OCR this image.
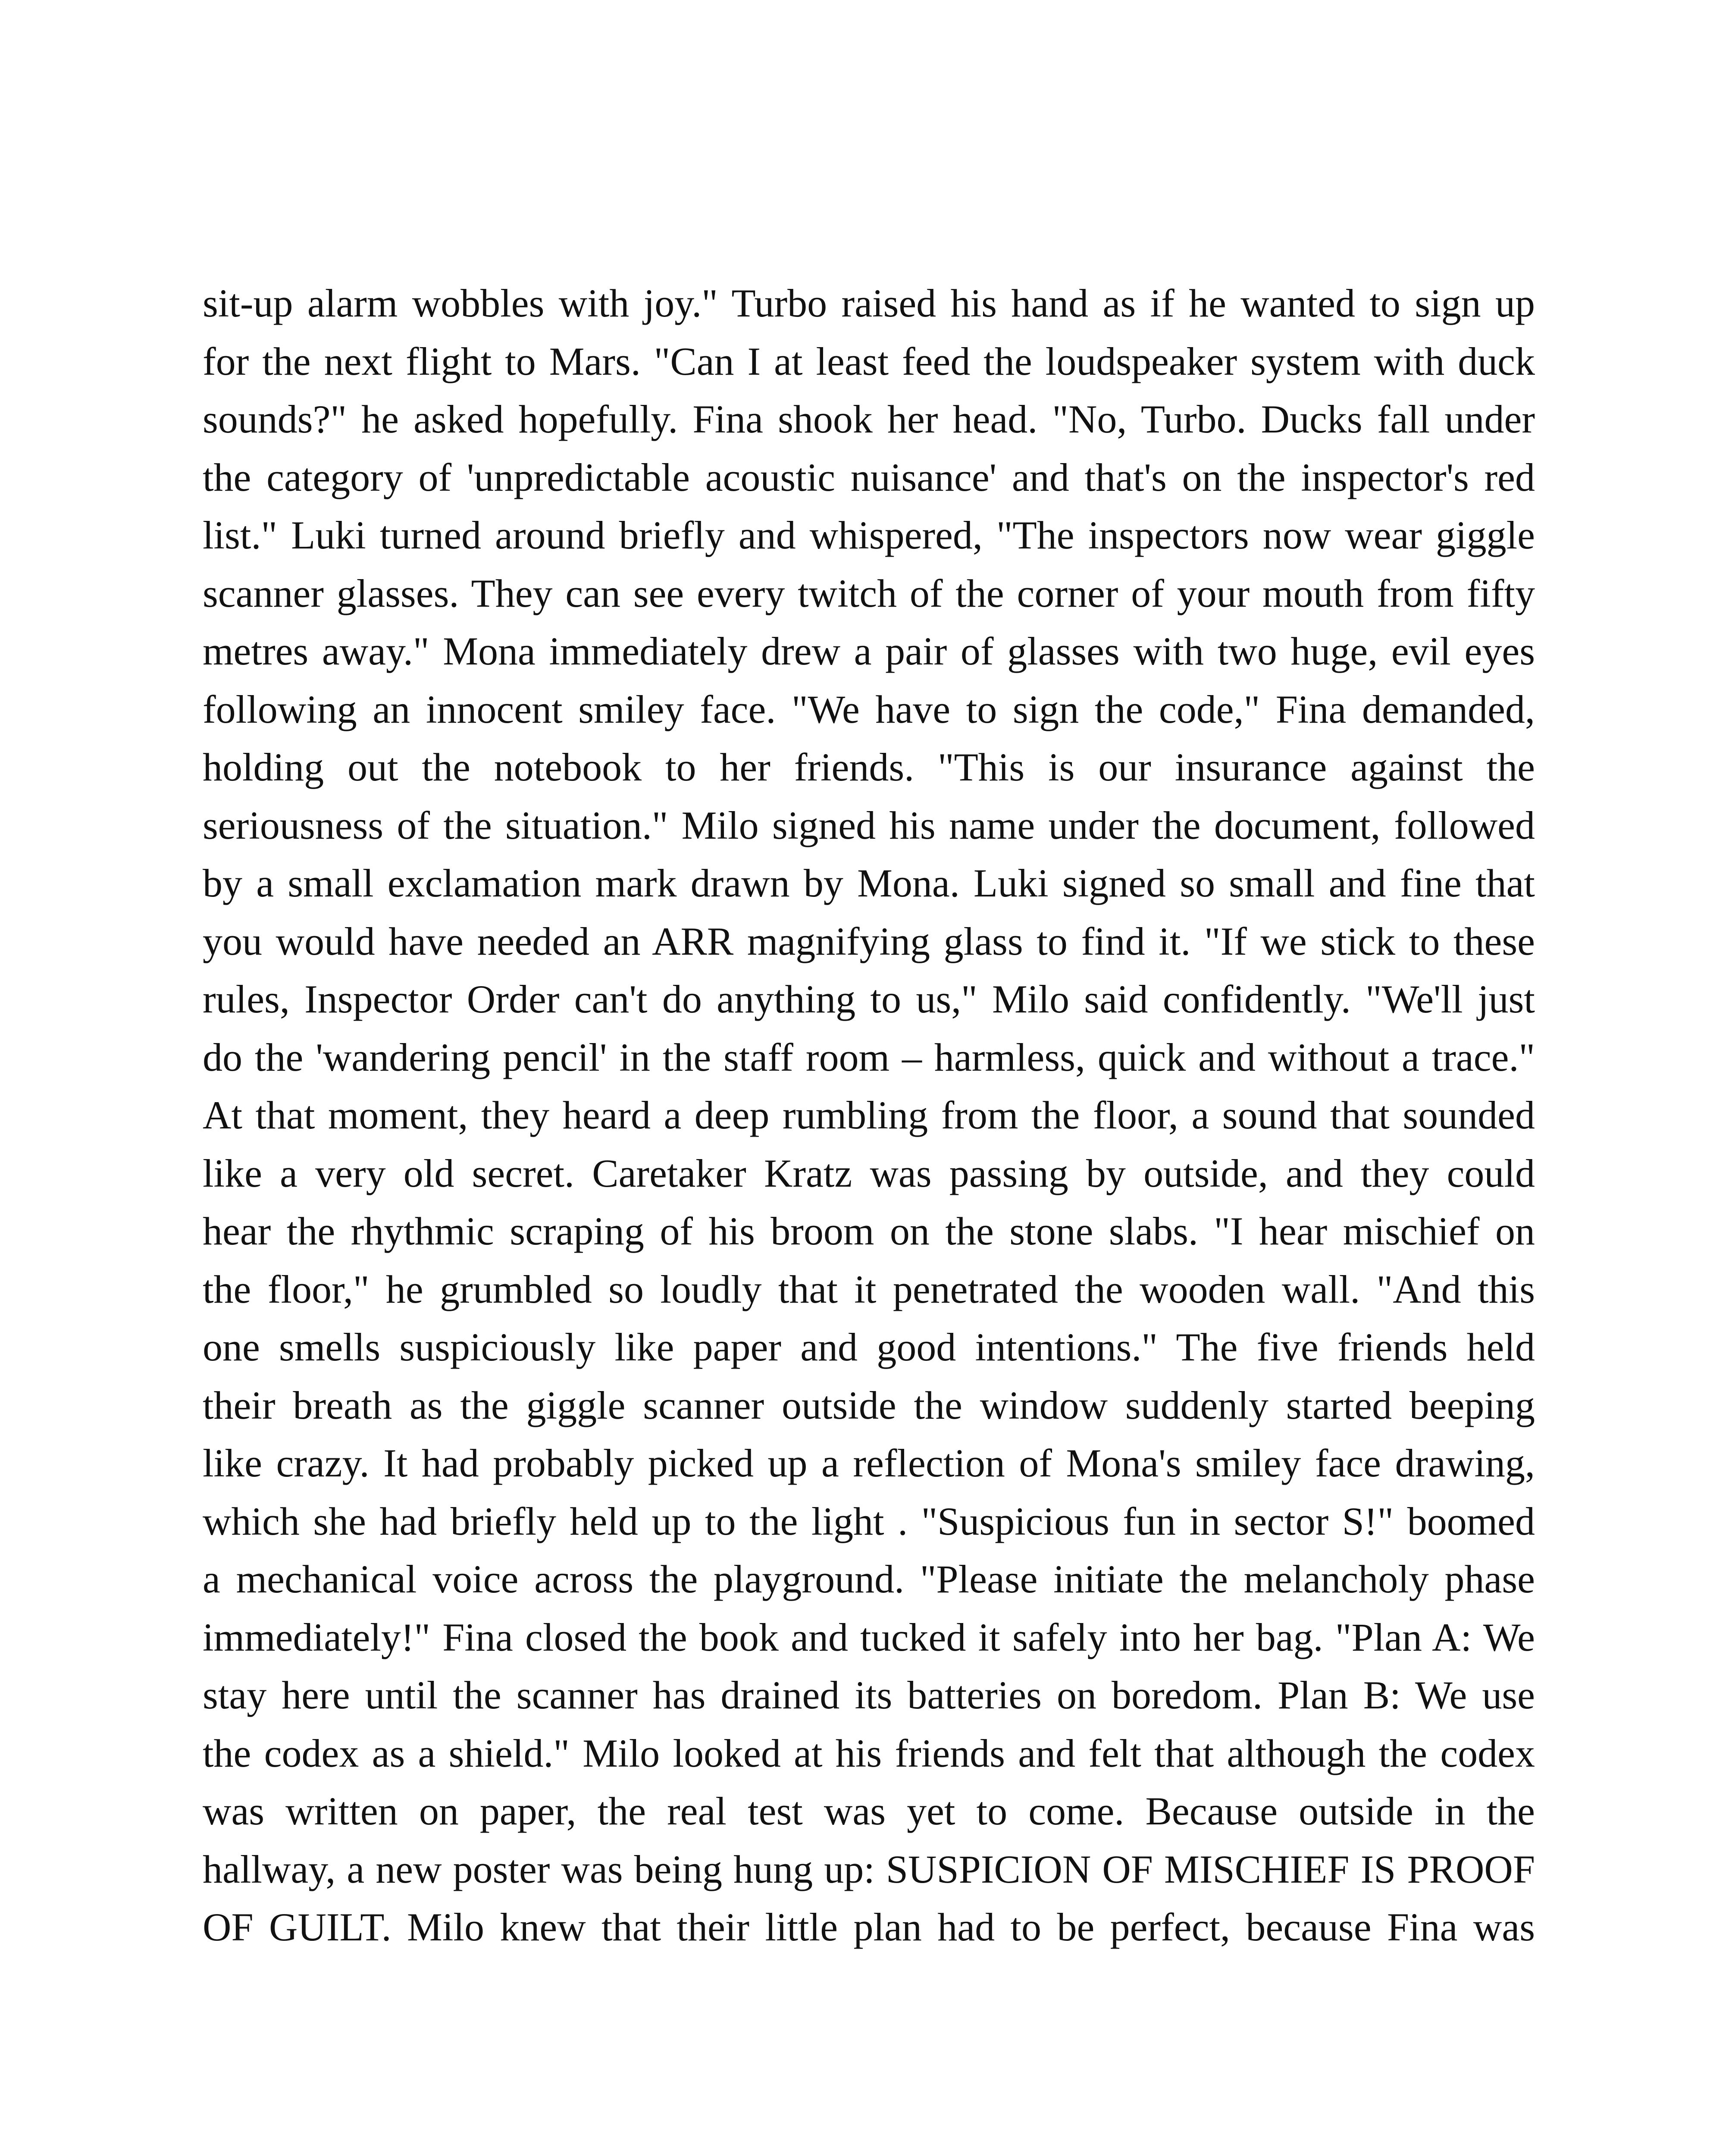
sit-up alarm wobbles with joy." Turbo raised his hand as if he wanted to sign up
for the next flight to Mars. "Can I at least feed the loudspeaker system with duck
sounds?" he asked hopefully. Fina shook her head. "No, Turbo. Ducks fall under
the category of 'unpredictable acoustic nuisance' and that's on the inspector's red
list." Luki turned around briefly and whispered, "The inspectors now wear giggle
scanner glasses. They can see every twitch of the corner of your mouth from fifty
metres away." Mona immediately drew a pair of glasses with two huge, evil eyes
following an innocent smiley face. "We have to sign the code," Fina demanded,
holding out the notebook to her friends. "This is our insurance against the
seriousness of the situation." Milo signed his name under the document, followed
by a small exclamation mark drawn by Mona. Luki signed so small and fine that
you would have needed an ARR magnifying glass to find it. "If we stick to these
rules, Inspector Order can't do anything to us," Milo said confidently. "We'll just
do the 'wandering pencil' in the staff room – harmless, quick and without a trace."
At that moment, they heard a deep rumbling from the floor, a sound that sounded
like a very old secret. Caretaker Kratz was passing by outside, and they could
hear the rhythmic scraping of his broom on the stone slabs. "I hear mischief on
the floor," he grumbled so loudly that it penetrated the wooden wall. "And this
one smells suspiciously like paper and good intentions." The five friends held
their breath as the giggle scanner outside the window suddenly started beeping
like crazy. It had probably picked up a reflection of Mona's smiley face drawing,
which she had briefly held up to the light . "Suspicious fun in sector S!" boomed
a mechanical voice across the playground. "Please initiate the melancholy phase
immediately!" Fina closed the book and tucked it safely into her bag. "Plan A: We
stay here until the scanner has drained its batteries on boredom. Plan B: We use
the codex as a shield." Milo looked at his friends and felt that although the codex
was written on paper, the real test was yet to come. Because outside in the
hallway, a new poster was being hung up: SUSPICION OF MISCHIEF IS PROOF
OF GUILT. Milo knew that their little plan had to be perfect, because Fina was
